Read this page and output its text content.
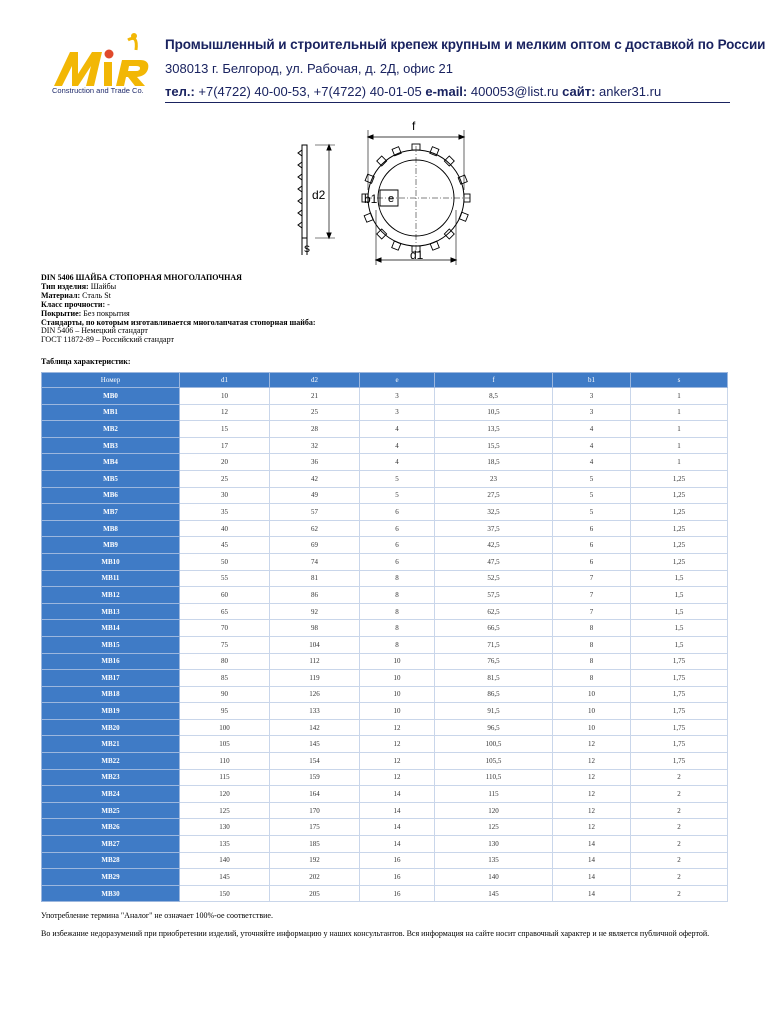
Construction and Trade Co.
Промышленный и строительный крепеж крупным и мелким оптом с доставкой по России
308013 г. Белгород, ул. Рабочая, д. 2Д, офис 21
тел.: +7(4722) 40-00-53, +7(4722) 40-01-05 e-mail: 400053@list.ru сайт: anker31.ru
d2
s
f
b1 e
d1
DIN 5406 ШАЙБА СТОПОРНАЯ МНОГОЛАПОЧНАЯ
Тип изделия: Шайбы
Материал: Сталь St
Класс прочности: -
Покрытие: Без покрытия
Стандарты, по которым изготавливается многолапчатая стопорная шайба:
DIN 5406 – Немецкий стандарт
ГОСТ 11872-89 – Российский стандарт
Таблица характеристик:
Номер	d1	d2	e	f	b1	s
MB0	10	21	3	8,5	3	1
MB1	12	25	3	10,5	3	1
MB2	15	28	4	13,5	4	1
MB3	17	32	4	15,5	4	1
MB4	20	36	4	18,5	4	1
MB5	25	42	5	23	5	1,25
MB6	30	49	5	27,5	5	1,25
MB7	35	57	6	32,5	5	1,25
MB8	40	62	6	37,5	6	1,25
MB9	45	69	6	42,5	6	1,25
MB10	50	74	6	47,5	6	1,25
MB11	55	81	8	52,5	7	1,5
MB12	60	86	8	57,5	7	1,5
MB13	65	92	8	62,5	7	1,5
MB14	70	98	8	66,5	8	1,5
MB15	75	104	8	71,5	8	1,5
MB16	80	112	10	76,5	8	1,75
MB17	85	119	10	81,5	8	1,75
MB18	90	126	10	86,5	10	1,75
MB19	95	133	10	91,5	10	1,75
MB20	100	142	12	96,5	10	1,75
MB21	105	145	12	100,5	12	1,75
MB22	110	154	12	105,5	12	1,75
MB23	115	159	12	110,5	12	2
MB24	120	164	14	115	12	2
MB25	125	170	14	120	12	2
MB26	130	175	14	125	12	2
MB27	135	185	14	130	14	2
MB28	140	192	16	135	14	2
MB29	145	202	16	140	14	2
MB30	150	205	16	145	14	2
Употребление термина "Аналог" не означает 100%-ое соответствие.
Во избежание недоразумений при приобретении изделий, уточняйте информацию у наших консультантов. Вся информация на сайте носит справочный характер и не является публичной офертой.
